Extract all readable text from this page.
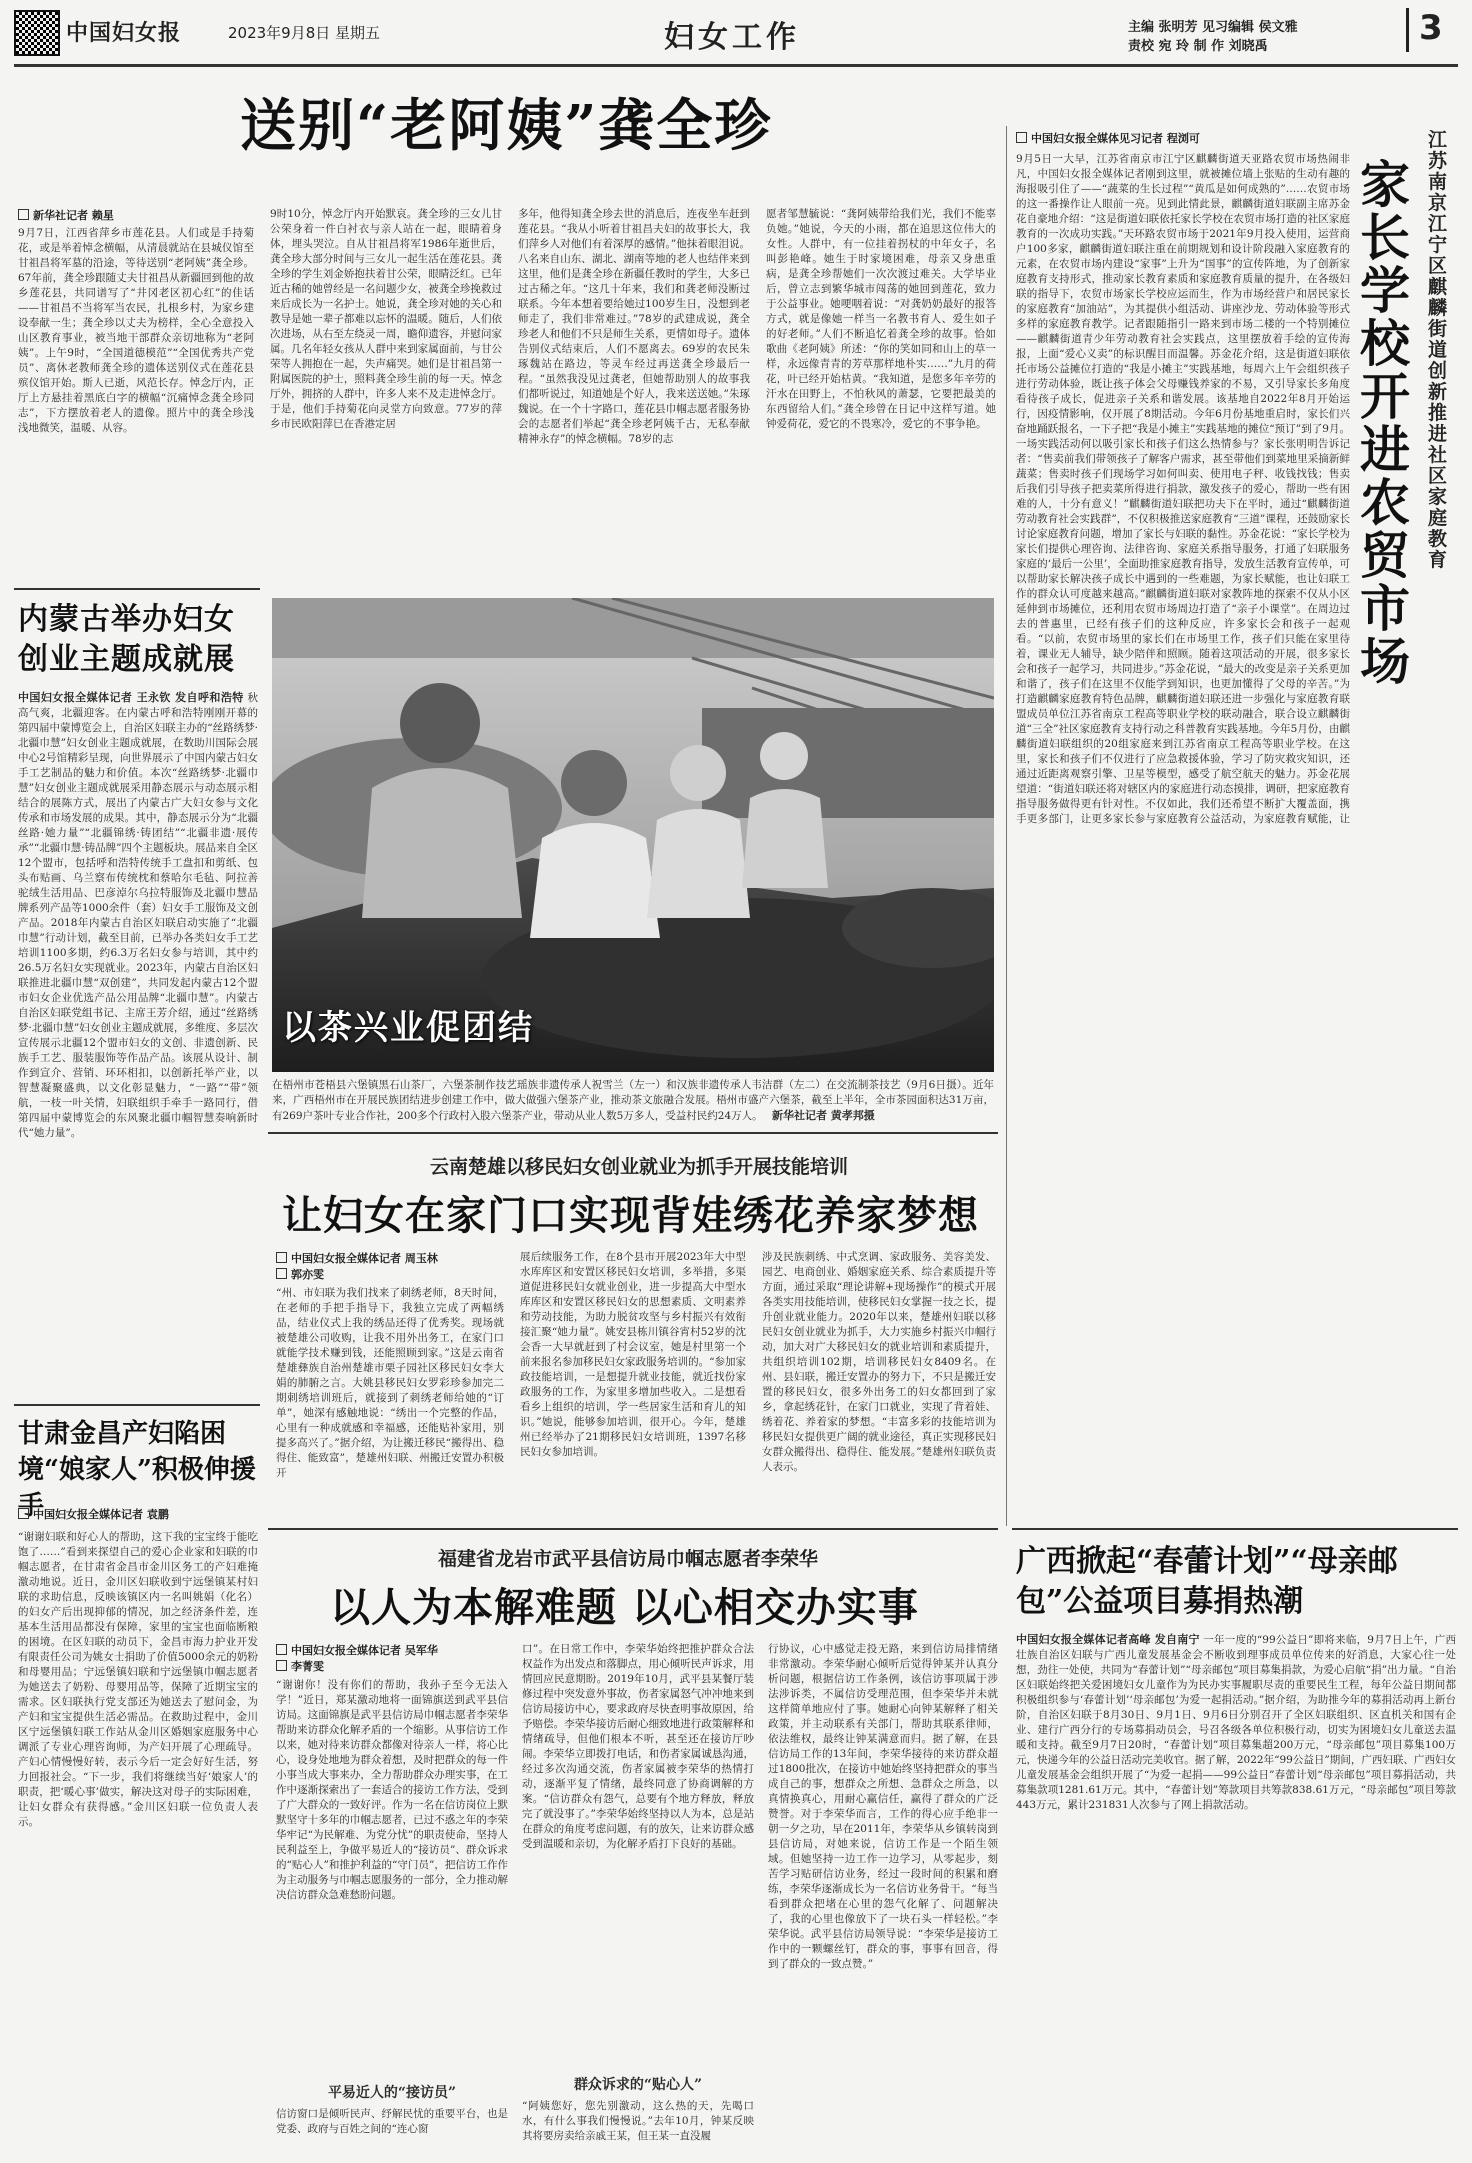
中国妇女报	2023年9月8日 星期五	妇女工作	主编 张明芳 见习编辑 侯文雅
责校 宛 玲 制 作 刘晓禹	3
送别“老阿姨”龚全珍
新华社记者 赖星
9月7日，江西省萍乡市莲花县。人们或是手持菊花，或是举着悼念横幅，从清晨就站在县城仪馆至甘祖昌将军墓的沿途，等待送别“老阿姨”龚全珍。67年前，龚全珍跟随丈夫甘祖昌从新疆回到他的故乡莲花县，共同谱写了“井冈老区初心红”的佳话——甘祖昌不当将军当农民，扎根乡村，为家乡建设奉献一生；龚全珍以丈夫为榜样，全心全意投入山区教育事业，被当地干部群众亲切地称为“老阿姨”。上午9时，“全国道德模范”“全国优秀共产党员”、离休老教师龚全珍的遗体送别仪式在莲花县殡仪馆开始。斯人已逝，风范长存。悼念厅内，正厅上方悬挂着黑底白字的横幅“沉痛悼念龚全珍同志”，下方摆放着老人的遗像。照片中的龚全珍浅浅地微笑，温暖、从容。
9时10分，悼念厅内开始默哀。龚全珍的三女儿甘公荣身着一件白衬衣与亲人站在一起，眼睛着身体，埋头哭泣。自从甘祖昌将军1986年逝世后，龚全珍大部分时间与三女儿一起生活在莲花县。龚全珍的学生刘金娇抱扶着甘公荣，眼睛泛红。已年近古稀的她曾经是一名问题少女，被龚全珍挽救过来后成长为一名护士。她说，龚全珍对她的关心和教导是她一辈子都难以忘怀的温暖。随后，人们依次进场，从右至左绕灵一周，瞻仰遗容，并慰问家属。几名年轻女孩从人群中来到家属面前，与甘公荣等人拥抱在一起，失声痛哭。她们是甘祖昌第一附属医院的护士，照料龚全珍生前的每一天。悼念厅外，拥挤的人群中，许多人来不及走进悼念厅。于是，他们手持菊花向灵堂方向致意。77岁的萍乡市民欧阳萍巳在香港定居
多年，他得知龚全珍去世的消息后，连夜坐车赶到莲花县。“我从小听着甘祖昌夫妇的故事长大，我们萍乡人对他们有着深厚的感情。”他抹着眼泪说。八名来自山东、湖北、湖南等地的老人也结伴来到这里，他们是龚全珍在新疆任教时的学生，大多已过古稀之年。“这几十年来，我们和龚老师没断过联系。今年本想着要给她过100岁生日，没想到老师走了，我们非常难过。”78岁的武建成说，龚全珍老人和他们不只是师生关系，更情如母子。遗体告别仪式结束后，人们不愿离去。69岁的农民朱琢魏站在路边，等灵车经过再送龚全珍最后一程。“虽然我没见过龚老，但她帮助别人的故事我们都听说过，知道她是个好人，我来送送她。”朱琢魏说。在一个十字路口，莲花县巾帼志愿者服务协会的志愿者们举起“龚全珍老阿姨千古，无私奉献精神永存”的悼念横幅。78岁的志
愿者邹慧毓说：“龚阿姨带给我们光，我们不能辜负她。”她说，今天的小雨，都在追思这位伟大的女性。人群中，有一位挂着拐杖的中年女子，名叫彭艳峰。她生于时家境困难，母亲又身患重病，是龚全珍帮她们一次次渡过难关。大学毕业后，曾立志到繁华城市闯荡的她回到莲花，致力于公益事业。她哽咽着说：“对龚奶奶最好的报答方式，就是像她一样当一名教书育人、爱生如子的好老师。”人们不断追忆着龚全珍的故事。恰如歌曲《老阿姨》所述：“你的笑如同和山上的草一样，永远像青青的芳草那样地朴实……”九月的荷花，叶已经开始枯黄。“我知道，是您多年辛劳的汗水在田野上，不怕秋风的萧瑟，它要把最美的东西留给人们。”龚全珍曾在日记中这样写道。她钟爱荷花，爱它的不畏寒冷，爱它的不事争艳。
中国妇女报全媒体见习记者 程浏可	江苏南京江宁区麒麟街道创新推进社区家庭教育
家长学校开进农贸市场
9月5日一大早，江苏省南京市江宁区麒麟街道天亚路农贸市场热闹非凡，中国妇女报全媒体记者刚到这里，就被摊位墙上张贴的生动有趣的海报吸引住了——“蔬菜的生长过程”“黄瓜是如何成熟的”……农贸市场的这一番操作让人眼前一亮。见到此情此景，麒麟街道妇联副主席苏金花自豪地介绍：“这是街道妇联依托家长学校在农贸市场打造的社区家庭教育的一次成功实践。”天环路农贸市场于2021年9月投入使用，运营商户100多家，麒麟街道妇联注重在前期规划和设计阶段融入家庭教育的元素，在农贸市场内建设“家事”上升为“国事”的宣传阵地，为了创新家庭教育支持形式，推动家长教育素质和家庭教育质量的提升，在各级妇联的指导下，农贸市场家长学校应运而生，作为市场经营户和居民家长的家庭教育“加油站”，为其提供小组活动、讲座沙龙、劳动体验等形式多样的家庭教育教学。记者跟随指引一路来到市场二楼的一个特别摊位——麒麟街道青少年劳动教育社会实践点，这里摆放着手绘的宣传海报，上面“爱心义卖”的标识醒目而温馨。苏金花介绍，这是街道妇联依托市场公益摊位打造的“我是小摊主”实践基地，每周六上午会组织孩子进行劳动体验，既让孩子体会父母赚钱养家的不易，又引导家长多角度看待孩子成长，促进亲子关系和谐发展。该基地自2022年8月开始运行，因疫情影响，仅开展了8期活动。今年6月份基地重启时，家长们兴奋地踊跃报名，一下子把“我是小摊主”实践基地的摊位“预订”到了9月。一场实践活动何以吸引家长和孩子们这么热情参与？家长张明明告诉记者：“售卖前我们带领孩子了解客户需求，甚至带他们到菜地里采摘新鲜蔬菜；售卖时孩子们现场学习如何叫卖、使用电子秤、收钱找钱；售卖后我们引导孩子把卖菜所得进行捐款，激发孩子的爱心，帮助一些有困难的人，十分有意义！”麒麟街道妇联把功夫下在平时，通过“麒麟街道劳动教育社会实践群”，不仅积极推送家庭教育“三道”课程，还鼓励家长讨论家庭教育问题，增加了家长与妇联的黏性。苏金花说：“家长学校为家长们提供心理咨询、法律咨询、家庭关系指导服务，打通了妇联服务家庭的‘最后一公里’，全面助推家庭教育指导，发放生活教育宣传单，可以帮助家长解决孩子成长中遇到的一些难题，为家长赋能，也让妇联工作的群众认可度越来越高。”麒麟街道妇联对家教阵地的探索不仅从小区延伸到市场摊位，还利用农贸市场周边打造了“亲子小课堂”。在周边过去的普惠里，已经有孩子们的这种反应，许多家长会和孩子一起观看。“以前，农贸市场里的家长们在市场里工作，孩子们只能在家里待着，课业无人辅导，缺少陪伴和照顾。随着这项活动的开展，很多家长会和孩子一起学习，共同进步。”苏金花说，“最大的改变是亲子关系更加和谐了，孩子们在这里不仅能学到知识，也更加懂得了父母的辛苦。”为打造麒麟家庭教育特色品牌，麒麟街道妇联还进一步强化与家庭教育联盟成员单位江苏省南京工程高等职业学校的联动融合，联合设立麒麟街道“三全”社区家庭教育支持行动之科普教育实践基地。今年5月份，由麒麟街道妇联组织的20组家庭来到江苏省南京工程高等职业学校。在这里，家长和孩子们不仅进行了应急救援体验，学习了防灾救灾知识，还通过近距离观察引擎、卫星等模型，感受了航空航天的魅力。苏金花展望道：“街道妇联还将对辖区内的家庭进行动态摸排，调研，把家庭教育指导服务做得更有针对性。不仅如此，我们还希望不断扩大覆盖面，携手更多部门，让更多家长参与家庭教育公益活动，为家庭教育赋能，让
内蒙古举办妇女创业主题成就展
中国妇女报全媒体记者 王永钦 发自呼和浩特 秋高气爽，北疆迎客。在内蒙古呼和浩特刚刚开幕的第四届中蒙博览会上，自治区妇联主办的“丝路绣梦·北疆巾慧”妇女创业主题成就展，在数助川国际会展中心2号馆精彩呈现，向世界展示了中国内蒙古妇女手工艺制品的魅力和价值。本次“丝路绣梦·北疆巾慧”妇女创业主题成就展采用静态展示与动态展示相结合的展陈方式，展出了内蒙古广大妇女参与文化传承和市场发展的成果。其中，静态展示分为“北疆丝路·她力量”“北疆锦绣·铸团结”“北疆非遗·展传承”“北疆巾慧·铸品牌”四个主题板块。展品来自全区12个盟市，包括呼和浩特传统手工盘扣和剪纸、包头布贴画、乌兰察布传统枕和蔡哈尔毛毡、阿拉善驼绒生活用品、巴彦淖尔乌拉特服饰及北疆巾慧品牌系列产品等1000余件（套）妇女手工服饰及文创产品。2018年内蒙古自治区妇联启动实施了“北疆巾慧”行动计划，截至目前，已举办各类妇女手工艺培训1100多期，约6.3万名妇女参与培训，其中约26.5万名妇女实现就业。2023年，内蒙古自治区妇联推进北疆巾慧“双创建”，共同发起内蒙古12个盟市妇女企业优选产品公用品牌“北疆巾慧”。内蒙古自治区妇联党组书记、主席王芳介绍，通过“丝路绣梦·北疆巾慧”妇女创业主题成就展，多维度、多层次宣传展示北疆12个盟市妇女的文创、非遗创新、民族手工艺、服装服饰等作品产品。该展从设计、制作到宣介、营销、环环相扣，以创新托举产业，以智慧凝聚盛典，以文化彰显魅力，“一路”“带”领航，一枝一叶关情，妇联组织手牵手一路同行，借第四届中蒙博览会的东风聚北疆巾帼智慧奏响新时代“她力量”。
甘肃金昌产妇陷困境“娘家人”积极伸援手
中国妇女报全媒体记者 袁鹏
“谢谢妇联和好心人的帮助，这下我的宝宝终于能吃饱了……”看到来探望自己的爱心企业家和妇联的巾帼志愿者，在甘肃省金昌市金川区务工的产妇难掩激动地说。近日，金川区妇联收到宁远堡镇某村妇联的求助信息，反映该镇区内一名叫姚娟（化名）的妇女产后出现抑郁的情况，加之经济条件差，连基本生活用品都没有保障，家里的宝宝也面临断粮的困境。在区妇联的动员下，金昌市海力护业开发有限责任公司为姚女士捐助了价值5000余元的奶粉和母婴用品；宁远堡镇妇联和宁远堡镇巾帼志愿者为她送去了奶粉、母婴用品等，保障了近期宝宝的需求。区妇联执行党支部还为她送去了慰问金，为产妇和宝宝提供生活必需品。在救助过程中，金川区宁远堡镇妇联工作站从金川区婚姻家庭服务中心调派了专业心理咨询师，为产妇开展了心理疏导。产妇心情慢慢好转，表示今后一定会好好生活，努力回报社会。“下一步，我们将继续当好‘娘家人’的职责，把‘暖心事’做实，解决这对母子的实际困难，让妇女群众有获得感。”金川区妇联一位负责人表示。
以茶兴业促团结
在梧州市苍梧县六堡镇黑石山茶厂，六堡茶制作技艺瑶族非遗传承人祝雪兰（左一）和汉族非遗传承人韦洁群（左二）在交流制茶技艺（9月6日摄）。近年来，广西梧州市在开展民族团结进步创建工作中，做大做强六堡茶产业，推动茶文旅融合发展。梧州市盛产六堡茶，截至上半年，全市茶园面积达31万亩，有269户茶叶专业合作社，200多个行政村入股六堡茶产业，带动从业人数5万多人，受益村民约24万人。 新华社记者 黄孝邦摄
云南楚雄以移民妇女创业就业为抓手开展技能培训
让妇女在家门口实现背娃绣花养家梦想
中国妇女报全媒体记者 周玉林
郭亦雯
“州、市妇联为我们找来了刺绣老师，8天时间，在老师的手把手指导下，我独立完成了两幅绣品，结业仪式上我的绣品还得了优秀奖。现场就被楚雄公司收购，让我不用外出务工，在家门口就能学技术赚到钱，还能照顾到家。”这是云南省楚雄彝族自治州楚雄市栗子园社区移民妇女李大娟的肺腑之言。大姚县移民妇女罗彩珍参加完二期刺绣培训班后，就接到了刺绣老师给她的“订单”，她深有感触地说：“绣出一个完整的作品，心里有一种成就感和幸福感，还能贴补家用，别提多高兴了。”据介绍，为让搬迁移民“搬得出、稳得住、能致富”，楚雄州妇联、州搬迁安置办积极开
展后续服务工作，在8个县市开展2023年大中型水库库区和安置区移民妇女培训，多举措，多渠道促进移民妇女就业创业，进一步提高大中型水库库区和安置区移民妇女的思想素质、文明素养和劳动技能，为助力脱贫攻坚与乡村振兴有效衔接汇聚“她力量”。姚安县栋川镇谷宵村52岁的沈会香一大早就赶到了村会议室，她是村里第一个前来报名参加移民妇女家政服务培训的。“参加家政技能培训，一是想提升就业技能，就近找份家政服务的工作，为家里多增加些收入。二是想看看乡上组织的培训，学一些居家生活和育儿的知识。”她说，能够参加培训，很开心。今年，楚雄州已经举办了21期移民妇女培训班，1397名移民妇女参加培训。
涉及民族刺绣、中式烹调、家政服务、美容美发、园艺、电商创业、婚姻家庭关系、综合素质提升等方面，通过采取“理论讲解+现场操作”的模式开展各类实用技能培训，使移民妇女掌握一技之长，提升创业就业能力。2020年以来，楚雄州妇联以移民妇女创业就业为抓手，大力实施乡村振兴巾帼行动，加大对广大移民妇女的就业培训和素质提升，共组织培训102期，培训移民妇女8409名。在州、县妇联，搬迁安置办的努力下，不只是搬迁安置的移民妇女，很多外出务工的妇女都回到了家乡，拿起绣花针，在家门口就业，实现了背着娃、绣着花、养着家的梦想。“丰富多彩的技能培训为移民妇女提供更广阔的就业途径，真正实现移民妇女群众搬得出、稳得住、能发展。”楚雄州妇联负责人表示。
广西掀起“春蕾计划”“母亲邮包”公益项目募捐热潮
中国妇女报全媒体记者高峰 发自南宁 一年一度的“99公益日”即将来临，9月7日上午，广西壮族自治区妇联与广西儿童发展基金会不断收到理事成员单位传来的好消息，大家心往一处想，劲往一处使，共同为“春蕾计划”“母亲邮包”项目募集捐款，为爱心启航“捐”出力量。“自治区妇联始终把关爱困境妇女儿童作为为民办实事履职尽责的重要民生工程，每年公益日期间都积极组织参与‘春蕾计划’‘母亲邮包’为爱一起捐活动。”据介绍，为助推今年的募捐活动再上新台阶，自治区妇联于8月30日、9月1日、9月6日分别召开了全区妇联组织、区直机关和国有企业、建行广西分行的专场募捐动员会，号召各级各单位积极行动，切实为困境妇女儿童送去温暖和支持。截至9月7日20时，“春蕾计划”项目募集超200万元，“母亲邮包”项目募集100万元，快递今年的公益日活动完美收官。据了解，2022年“99公益日”期间，广西妇联、广西妇女儿童发展基金会组织开展了“为爱一起捐——99公益日”春蕾计划“母亲邮包”项目募捐活动，共募集款项1281.61万元。其中，“春蕾计划”筹款项目共筹款838.61万元，“母亲邮包”项目筹款443万元，累计231831人次参与了网上捐款活动。
福建省龙岩市武平县信访局巾帼志愿者李荣华
以人为本解难题 以心相交办实事
中国妇女报全媒体记者 吴军华
李菁雯
“谢谢你！没有你们的帮助，我孙子至今无法入学！”近日，郑某激动地将一面锦旗送到武平县信访局。这面锦旗是武平县信访局巾帼志愿者李荣华帮助来访群众化解矛盾的一个缩影。从事信访工作以来，她对待来访群众都像对待亲人一样，将心比心，设身处地地为群众着想，及时把群众的每一件小事当成大事来办，全力帮助群众办理实事，在工作中逐渐探索出了一套适合的接访工作方法，受到了广大群众的一致好评。作为一名在信访岗位上默默坚守十多年的巾帼志愿者，已过不惑之年的李荣华牢记“为民解难、为党分忧”的职责使命，坚持人民利益至上，争做平易近人的“接访员”、群众诉求的“贴心人”和推护利益的“守门员”，把信访工作作为主动服务与巾帼志愿服务的一部分，全力推动解决信访群众急难愁盼问题。
平易近人的“接访员”
信访窗口是倾听民声、纾解民忧的重要平台，也是党委、政府与百姓之间的“连心窗
口”。在日常工作中，李荣华始终把推护群众合法权益作为出发点和落脚点，用心倾听民声诉求，用情回应民意期盼。2019年10月，武平县某餐厅装修过程中突发意外事故，伤者家属怒气冲冲地来到信访局接访中心，要求政府尽快查明事故原因，给予赔偿。李荣华接访后耐心细致地进行政策解释和情绪疏导，但他们根本不听，甚至还在接访厅吵闹。李荣华立即拨打电话，和伤者家属诚恳沟通，经过多次沟通交流，伤者家属被李荣华的热情打动，逐渐平复了情绪，最终同意了协商调解的方案。“信访群众有怨气，总要有个地方释放，释放完了就没事了。”李荣华始终坚持以人为本，总是站在群众的角度考虑问题，有的放矢，让来访群众感受到温暖和亲切，为化解矛盾打下良好的基础。
群众诉求的“贴心人”
“阿姨您好，您先别激动，这么热的天，先喝口水，有什么事我们慢慢说。”去年10月，钟某反映其将要房卖给亲戚王某，但王某一直没履
行协议，心中感觉走投无路，来到信访局排情绪非常激动。李荣华耐心倾听后觉得钟某并认真分析问题，根据信访工作条例，该信访事项属于涉法涉诉类，不属信访受理范围，但李荣华并未就这样简单地应付了事。她耐心向钟某解释了相关政策，并主动联系有关部门，帮助其联系律师，依法维权，最终让钟某满意而归。据了解，在县信访局工作的13年间，李荣华接待的来访群众超过1800批次，在接访中她始终坚持把群众的事当成自己的事，想群众之所想、急群众之所急，以真情换真心，用耐心赢信任，赢得了群众的广泛赞誉。对于李荣华而言，工作的得心应手绝非一朝一夕之功，早在2011年，李荣华从乡镇转岗到县信访局，对她来说，信访工作是一个陌生领域。但她坚持一边工作一边学习，从零起步，刻苦学习贴研信访业务，经过一段时间的积累和磨练，李荣华逐渐成长为一名信访业务骨干。“每当看到群众把堵在心里的怨气化解了、问题解决了，我的心里也像放下了一块石头一样轻松。”李荣华说。武平县信访局领导说：“李荣华是接访工作中的一颗螺丝钉，群众的事，事事有回音，得到了群众的一致点赞。”
